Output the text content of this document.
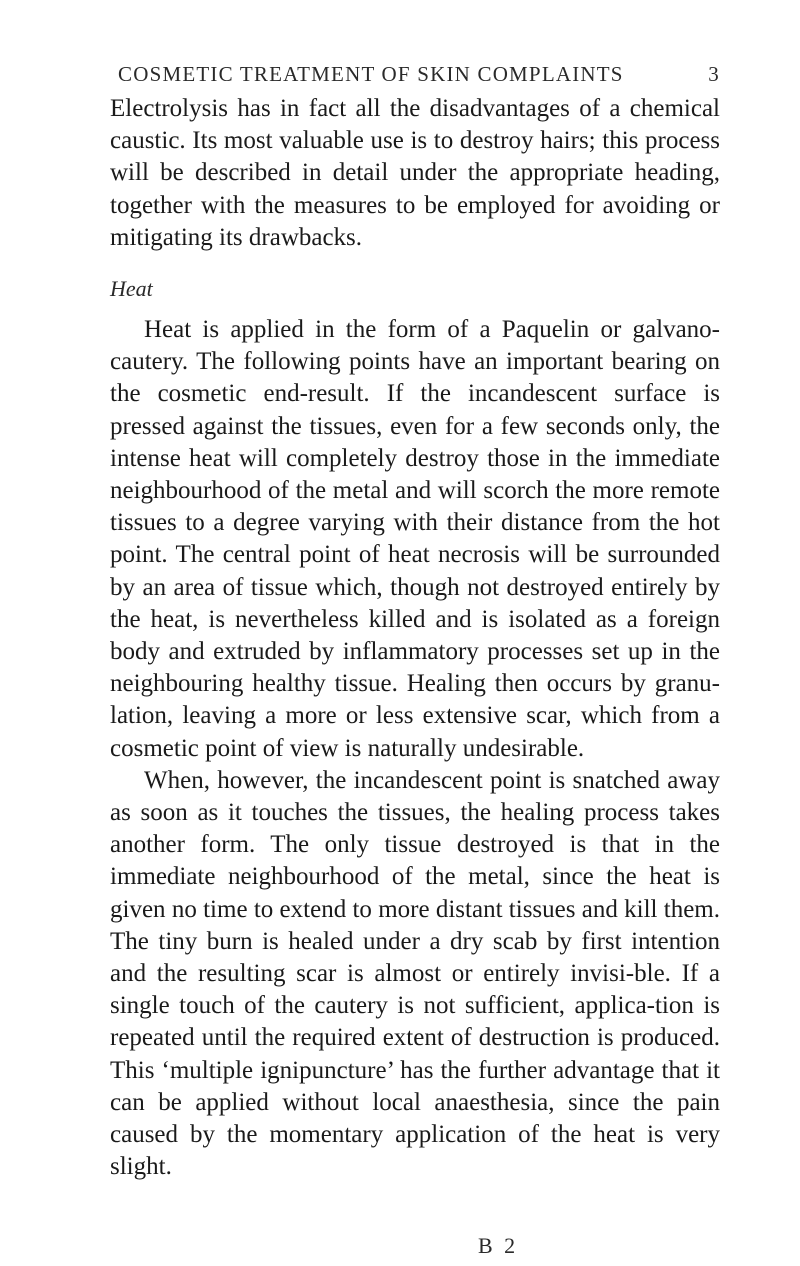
COSMETIC TREATMENT OF SKIN COMPLAINTS	3

Electrolysis has in fact all the disadvantages of a chemical caustic. Its most valuable use is to destroy hairs; this process will be described in detail under the appropriate heading, together with the measures to be employed for avoiding or mitigating its drawbacks.

Heat

Heat is applied in the form of a Paquelin or galvano-cautery. The following points have an important bearing on the cosmetic end-result. If the incandescent surface is pressed against the tissues, even for a few seconds only, the intense heat will completely destroy those in the immediate neighbourhood of the metal and will scorch the more remote tissues to a degree varying with their distance from the hot point. The central point of heat necrosis will be surrounded by an area of tissue which, though not destroyed entirely by the heat, is nevertheless killed and is isolated as a foreign body and extruded by inflammatory processes set up in the neighbouring healthy tissue. Healing then occurs by granu-lation, leaving a more or less extensive scar, which from a cosmetic point of view is naturally undesirable.

When, however, the incandescent point is snatched away as soon as it touches the tissues, the healing process takes another form. The only tissue destroyed is that in the immediate neighbourhood of the metal, since the heat is given no time to extend to more distant tissues and kill them. The tiny burn is healed under a dry scab by first intention and the resulting scar is almost or entirely invisi-ble. If a single touch of the cautery is not sufficient, applica-tion is repeated until the required extent of destruction is produced. This ‘multiple ignipuncture’ has the further advantage that it can be applied without local anaesthesia, since the pain caused by the momentary application of the heat is very slight.

B 2
